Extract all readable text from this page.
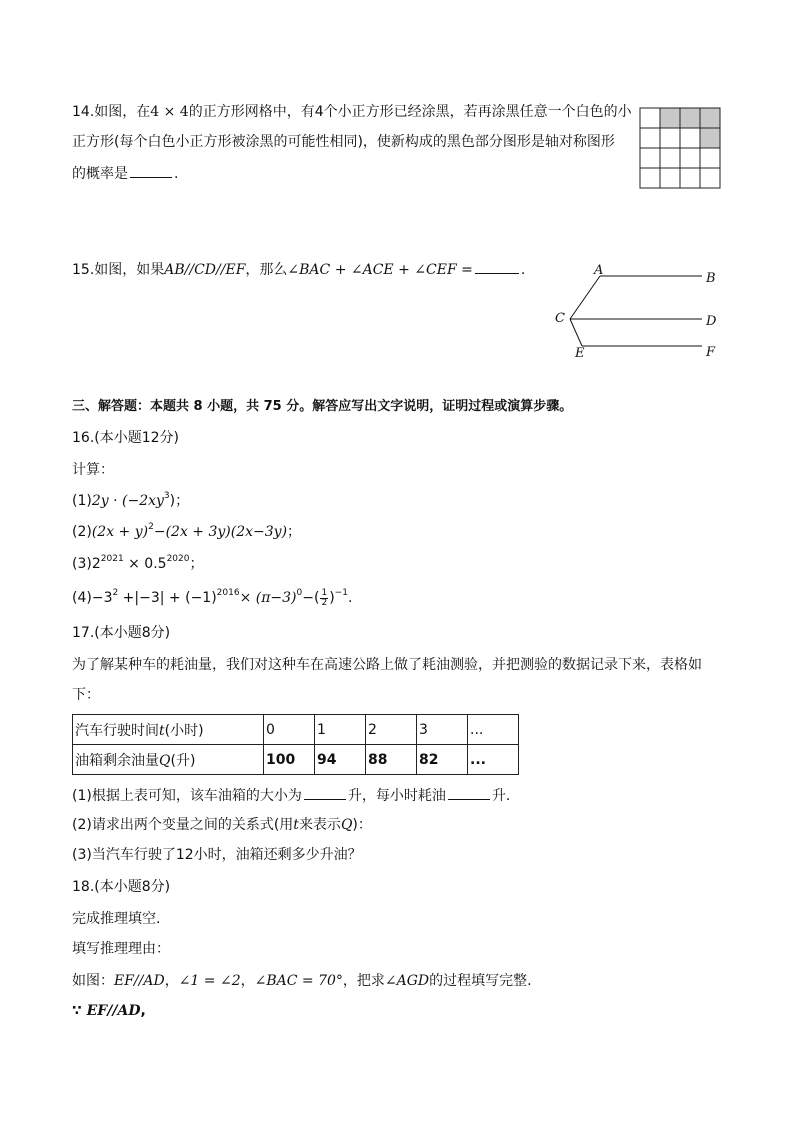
14.如图，在4 × 4的正方形网格中，有4个小正方形已经涂黑，若再涂黑任意一个白色的小
正方形(每个白色小正方形被涂黑的可能性相同)，使新构成的黑色部分图形是轴对称图形
的概率是	.
15.如图，如果AB//CD//EF，那么∠BAC + ∠ACE + ∠CEF =	.	A
B
C	D
E	F
三、解答题：本题共 8 小题，共 75 分。解答应写出文字说明，证明过程或演算步骤。
16.(本小题12分)
计算：
$(1)2y \cdot (-2xy^3)$；
$(2)(2x + y)^2-(2x + 3y)(2x-3y)$；
$(3)2^{2021} \times 0.5^{2020}$；
$(4)-3^2 +|-3| + (-1)^{2016}\times (\pi-3)^0-( \frac{1}{2} )^{-1}$.
17.(本小题8分)
为了解某种车的耗油量，我们对这种车在高速公路上做了耗油测验，并把测验的数据记录下来，表格如
下：
汽车行驶时间t(小时)	0	1	2	3	...
油箱剩余油量Q(升)	100	94	88	82	...
(1)根据上表可知，该车油箱的大小为	升，每小时耗油	升.
(2)请求出两个变量之间的关系式(用t来表示Q)：
(3)当汽车行驶了12小时，油箱还剩多少升油？
18.(本小题8分)
完成推理填空.
填写推理理由：
如图：EF//AD，∠1 = ∠2，∠BAC = 70°，把求∠AGD的过程填写完整.
∵ EF//AD,
